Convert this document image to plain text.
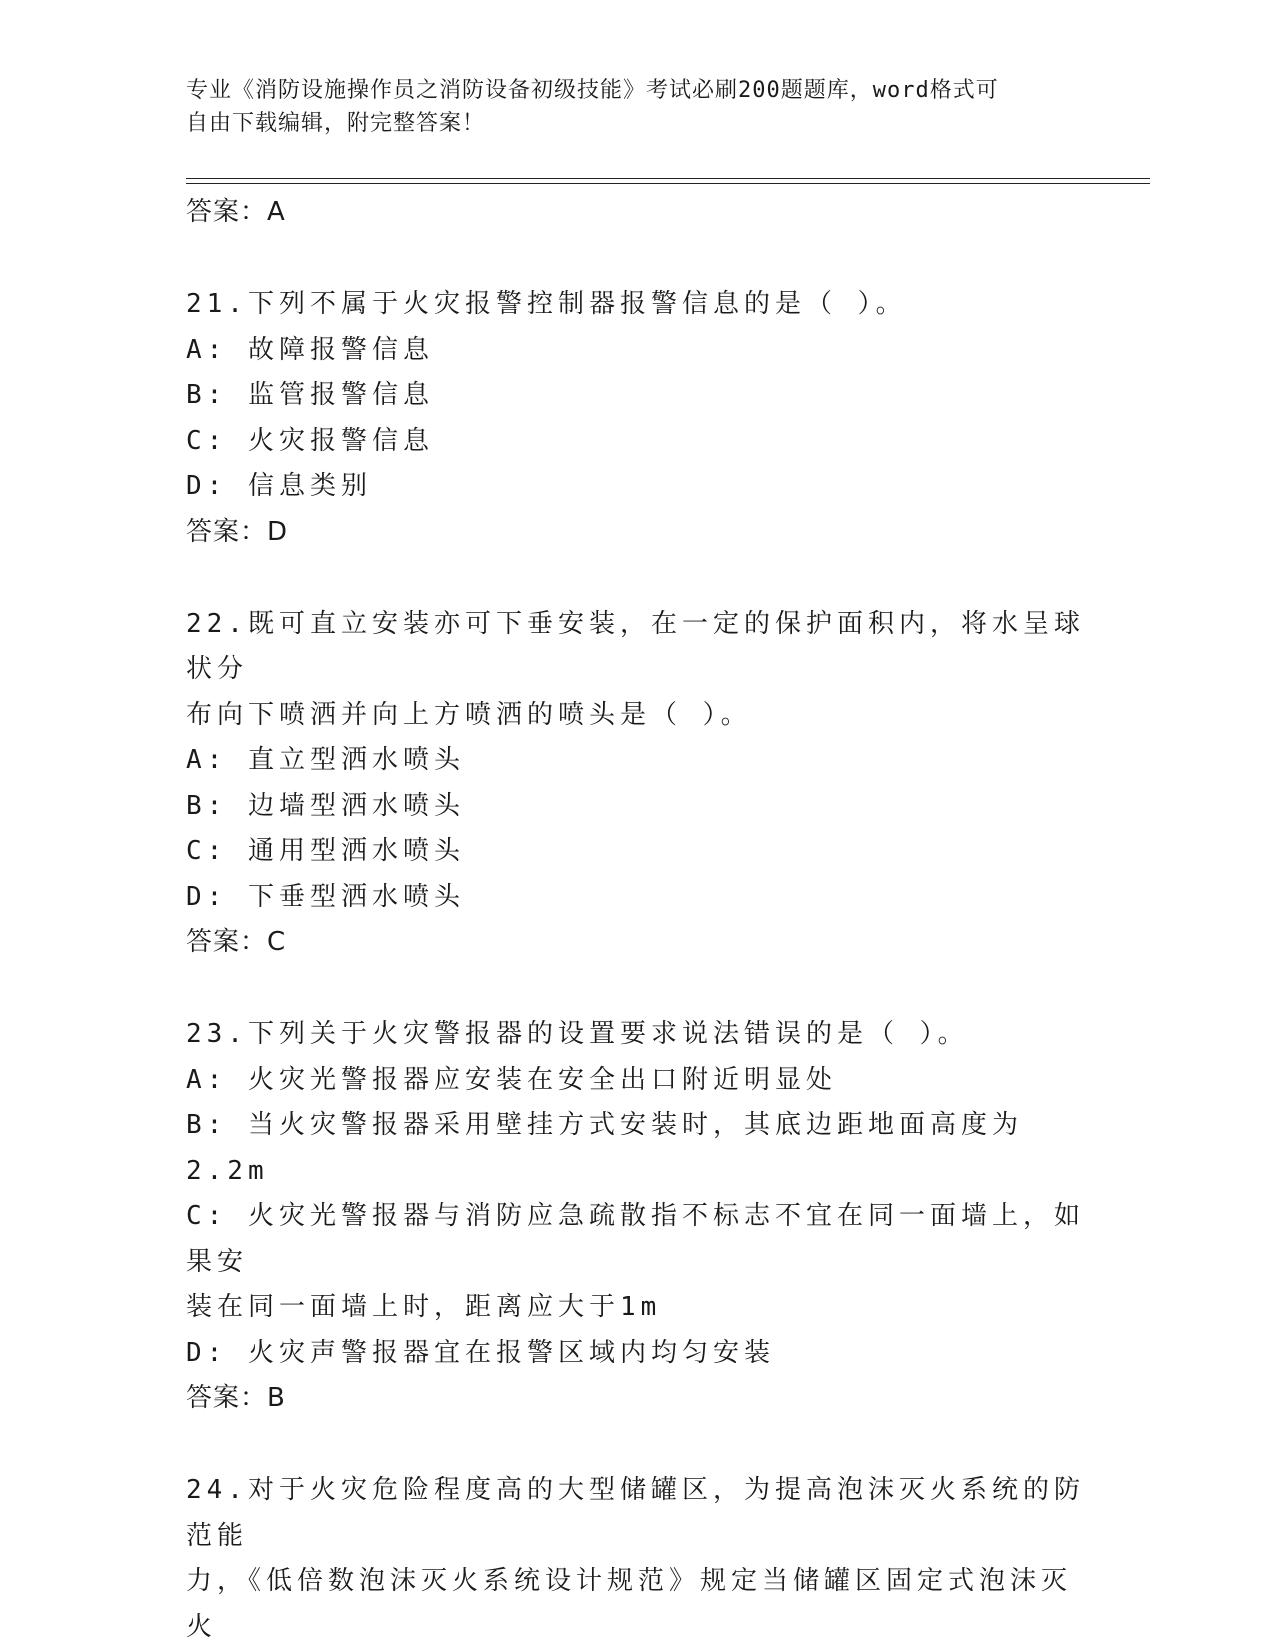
专业《消防设施操作员之消防设备初级技能》考试必刷200题题库，word格式可
自由下载编辑，附完整答案！

答案：A

21.下列不属于火灾报警控制器报警信息的是（ ）。

A: 故障报警信息

B: 监管报警信息

C: 火灾报警信息

D: 信息类别

答案：D

22.既可直立安装亦可下垂安装，在一定的保护面积内，将水呈球状分

布向下喷洒并向上方喷洒的喷头是（ ）。

A: 直立型洒水喷头

B: 边墙型洒水喷头

C: 通用型洒水喷头

D: 下垂型洒水喷头

答案：C

23.下列关于火灾警报器的设置要求说法错误的是（ ）。

A: 火灾光警报器应安装在安全出口附近明显处

B: 当火灾警报器采用壁挂方式安装时，其底边距地面高度为2.2m

C: 火灾光警报器与消防应急疏散指不标志不宜在同一面墙上，如果安

装在同一面墙上时，距离应大于1m

D: 火灾声警报器宜在报警区域内均匀安装

答案：B

24.对于火灾危险程度高的大型储罐区，为提高泡沫灭火系统的防范能

力，《低倍数泡沫灭火系统设计规范》规定当储罐区固定式泡沫灭火
